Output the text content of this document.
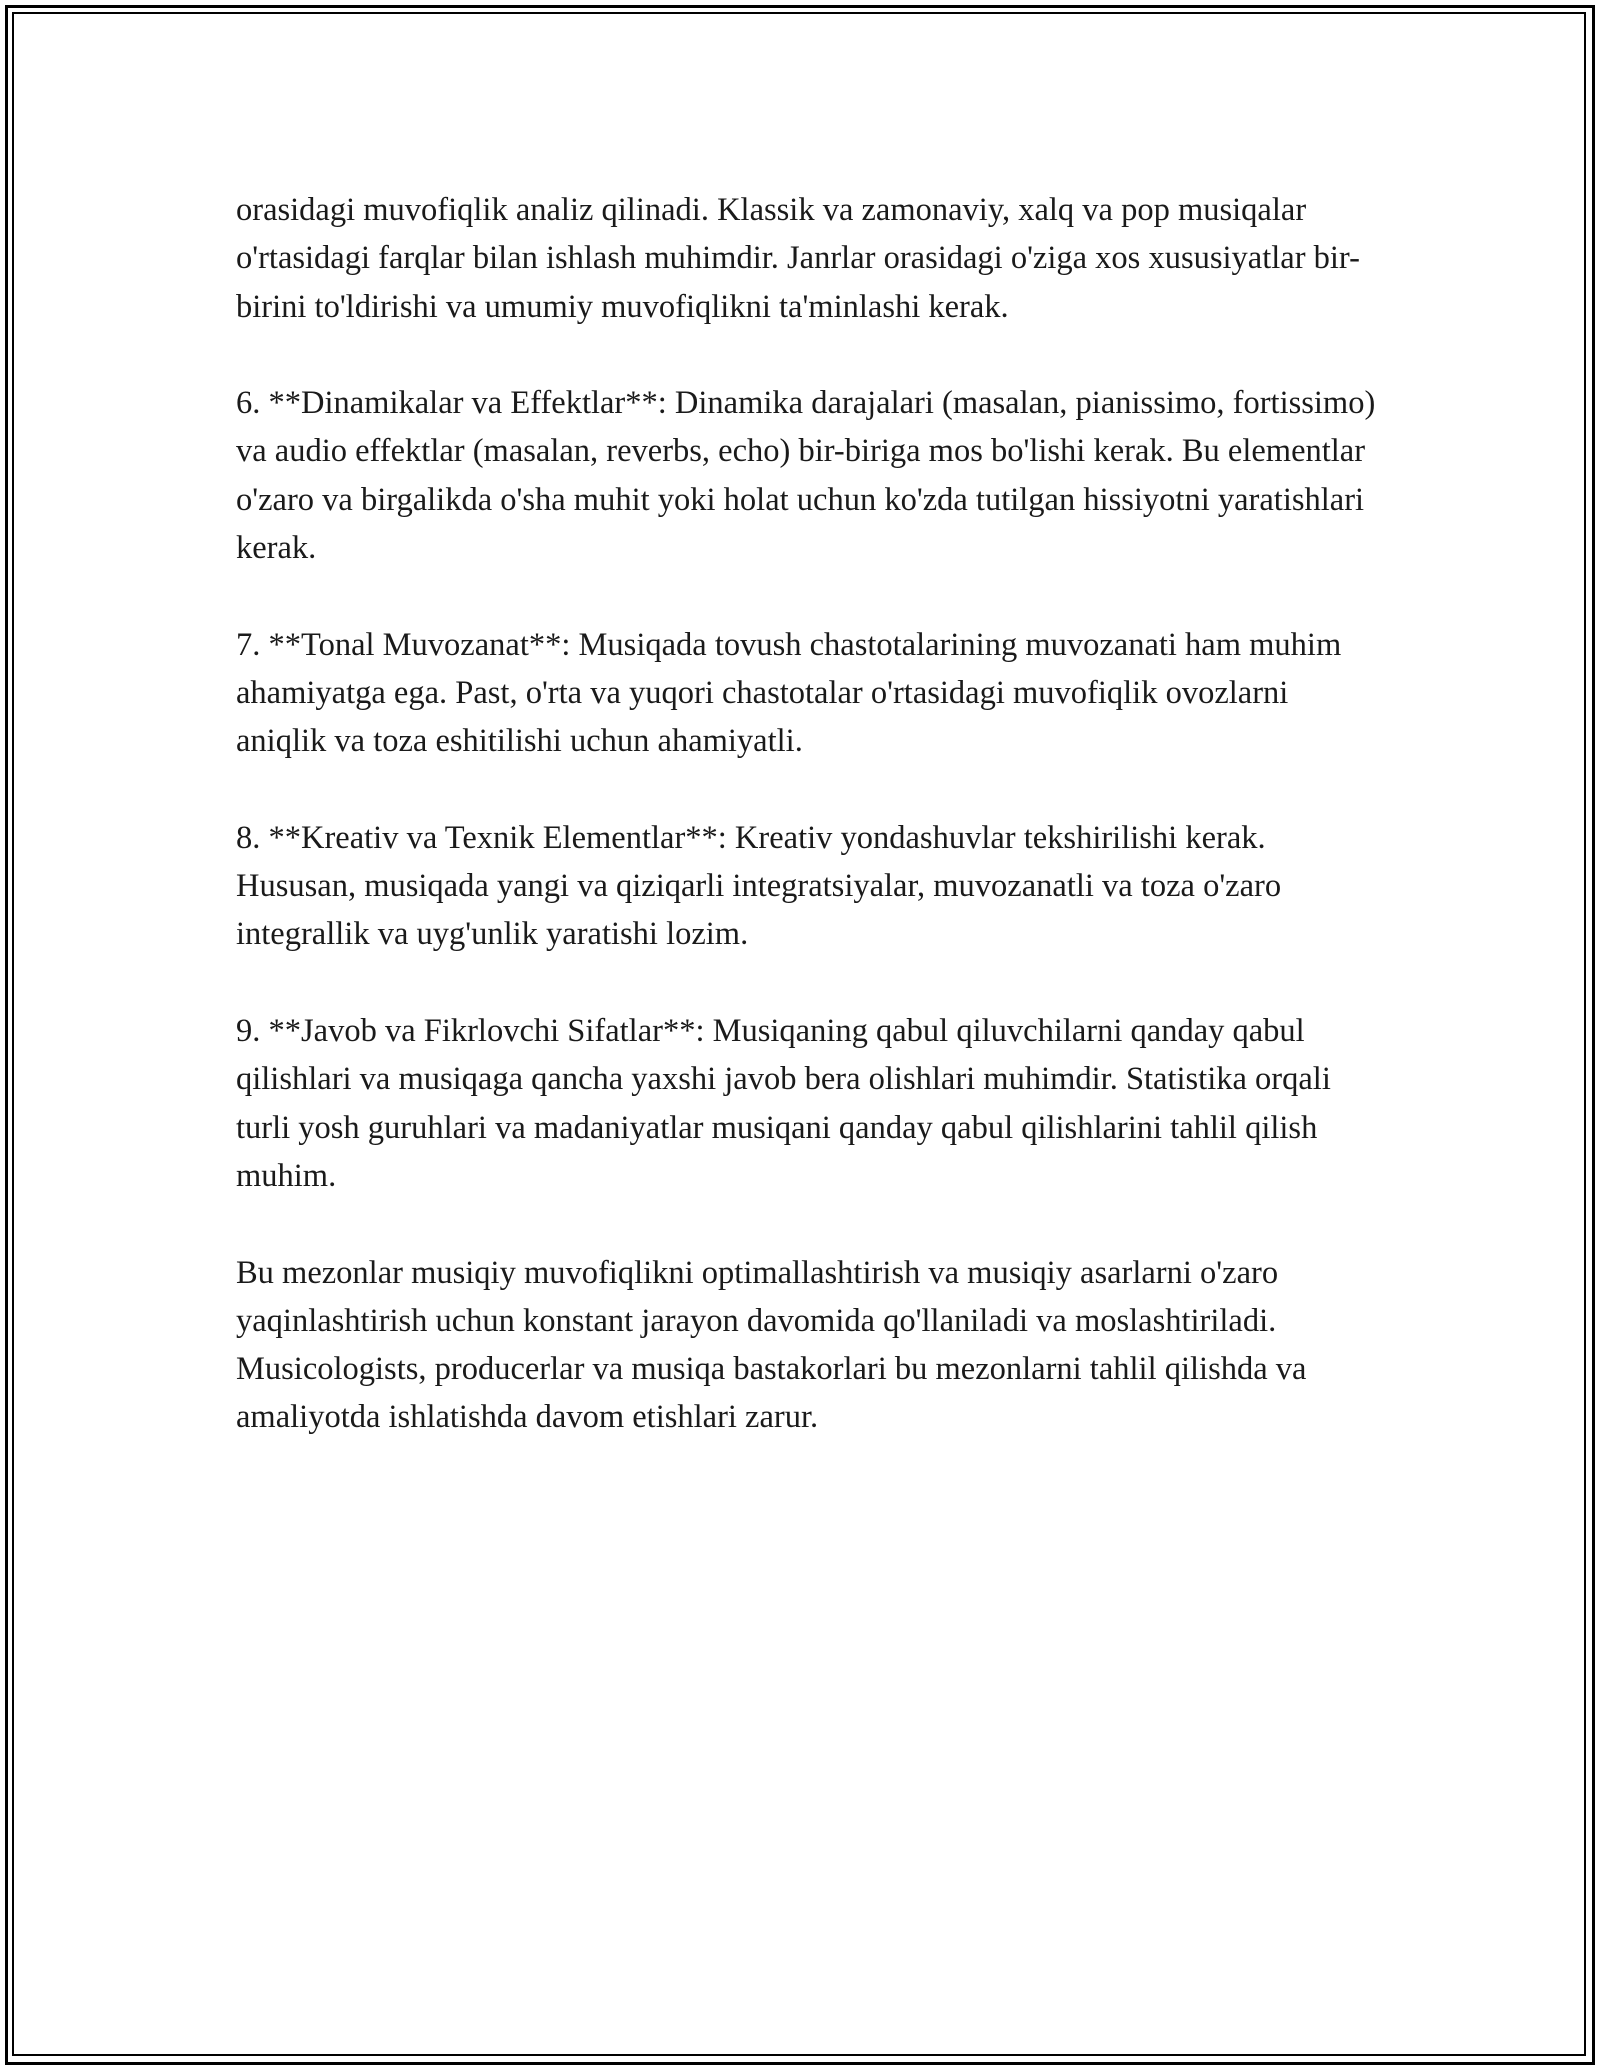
orasidagi muvofiqlik analiz qilinadi. Klassik va zamonaviy, xalq va pop musiqalar o'rtasidagi farqlar bilan ishlash muhimdir. Janrlar orasidagi o'ziga xos xususiyatlar bir-birini to'ldirishi va umumiy muvofiqlikni ta'minlashi kerak.

6. **Dinamikalar va Effektlar**: Dinamika darajalari (masalan, pianissimo, fortissimo) va audio effektlar (masalan, reverbs, echo) bir-biriga mos bo'lishi kerak. Bu elementlar o'zaro va birgalikda o'sha muhit yoki holat uchun ko'zda tutilgan hissiyotni yaratishlari kerak.

7. **Tonal Muvozanat**: Musiqada tovush chastotalarining muvozanati ham muhim ahamiyatga ega. Past, o'rta va yuqori chastotalar o'rtasidagi muvofiqlik ovozlarni aniqlik va toza eshitilishi uchun ahamiyatli.

8. **Kreativ va Texnik Elementlar**: Kreativ yondashuvlar tekshirilishi kerak. Hususan, musiqada yangi va qiziqarli integratsiyalar, muvozanatli va toza o'zaro integrallik va uyg'unlik yaratishi lozim.

9. **Javob va Fikrlovchi Sifatlar**: Musiqaning qabul qiluvchilarni qanday qabul qilishlari va musiqaga qancha yaxshi javob bera olishlari muhimdir. Statistika orqali turli yosh guruhlari va madaniyatlar musiqani qanday qabul qilishlarini tahlil qilish muhim.

Bu mezonlar musiqiy muvofiqlikni optimallashtirish va musiqiy asarlarni o'zaro yaqinlashtirish uchun konstant jarayon davomida qo'llaniladi va moslashtiriladi. Musicologists, producerlar va musiqa bastakorlari bu mezonlarni tahlil qilishda va amaliyotda ishlatishda davom etishlari zarur.
